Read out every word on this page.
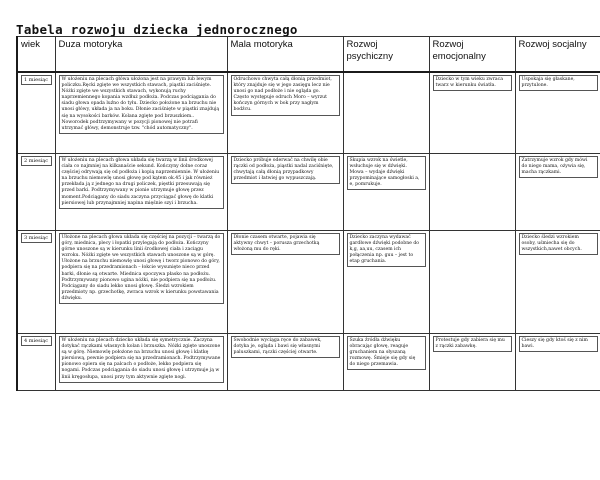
Tabela rozwoju dziecka jednorocznego
wiek	Duza motoryka	Mala motoryka	Rozwoj psychiczny	Rozwoj emocjonalny	Rozwoj socjalny

1 miesiąc	W ułożeniu na plecach główa ułożona jest na prawym lub lewym policzku.Ręcki zgięte we wszystkich stawach, piąstki zaciśnięte. Nóżki zgięte we wszystkich stawach, wykonują ruchy naprzemiennego kopania wzdłuż podłoża. Podczas podciągania do siadu głowa opada luźno do tyłu. Dziecko położone na brzuchu nie unosi główy, układa ja na boku. Dłonie zaciśnięte w piąstki znajdują się na wysokości barków. Kolana zgięte pod brzuszkiem.. Noworodek podtrzymywany w pozycji pionowej nie potrafi utrzymać główy, demonstruje tzw. "chód automatyczny".	Odruchowo chwyta całą dłonią przedmiot, który znajduje się w jego zasięgu lecz nie unosi go nad podłoże i nie ogląda go. Często występuje odruch Moro – wyrzut kończyn górnych w bok przy nagłym bodźcu.		Dziecko w tym wieku zwraca twarz w kierunku światła.	Uspokaja się głaskane, przytulone.

2 miesiąc	W ułożeniu na plecach głowa układa się twarzą w linii środkowej ciała co najmniej na kilkanaście sekund. Kończyny dolne coraz częściej odrywają się od podłoża i kopią naprzemiennie. W ułożeniu na brzuchu niemowlę unosi głowę pod kątem ok.45 i jak również przekłada ją z jednego na drugi policzek, pięstki przesuwają się przed barki. Podtrzymywany w pionie utrzymuje głowę przez moment.Podciągany do siadu zaczyna przyciągać głowę do klatki piersiowej lub przynajmniej napina mięśnie szyi i brzucha.	Dziecko próbuje oderwać na chwilę obie rączki od podłoża, piąstki nadal zaciśnięte, chwytają całą dłonią przypadkowy przedmiot i łatwiej go wypuszczają.	Skupia wzrok na świetle, wsłuchuje się w dźwięki. Mowa – wydaje dźwięki przypominające samogłoski a, e, pomrukuje.		Zatrzymuje wzrok gdy mówi do niego mama, ożywia się, macha rączkami.

3 miesiąc	Ułożone na plecach głowa układa się częściej na pozycji – twarzą do góry, miednica, plecy i łopatki przylegają do podłoża. Kończyny górne unoszone są w kierunku linii środkowej ciała i zaciągu wzroku. Nóżki zgięte we wszystkich stawach unoszone są w górę. Ułożone na brzuchu niemowlę unosi głowę i tworz pionowo do góry, podpiera się na przedramionach – łokcie wysunięte nieco przed barki, dłonie są otwarte. Miednica spoczywa płasko na podłożu. Podtrzymywany pionowo ugina nóżki, nie podpiera się na podłożu. Podciągany do siadu lekko unosi głowę. Śledzi wzrokiem przedmioty np. grzechotkę, zwraca wzrok w kierunku powstawania dźwięku.	Dłonie czasem otwarte, pojawia się aktywny chwyt – porusza grzechotką włożoną mu do ręki.	Dziecko zaczyna wydawać gardłowe dźwięki podobne do k,g, aa,uu, czasem ich połączenia np. guu – jest to etap gruchania.		Dziecko śledzi wzrokiem osoby, uśmiecha się do wszystkich,nawet obcych.

4 miesiąc	W ułożeniu na plecach dziecko układa się symetrycznie. Zaczyna dotykać rączkami własnych kolan i brzuszka. Nóżki zgięte unoszone są w górę. Niemowlę położone na brzuchu unosi głowę i klatkę piersiową, pewnie podpiera się na przedramionach. Podtrzymywane pionowo opiera się na palcach o podłoże, lekko podpiera się nogami. Podczas podciągania do siadu unosi głowę i utrzymuje ją w linii kręgosłupa, unosi przy tym aktywnie zgięte nogi.	Swobodnie wyciąga ręce do zabawek, dotyka je, ogląda i bawi się własnymi paluszkami, rączki częściej otwarte.	Szuka źródła dźwięku obracając głowę, reaguje gruchaniem na słyszaną rozmowę. Śmieje się gdy się do niego przemawia.	Protestuje gdy zabiera się mu z rączki zabawkę.	Cieszy się gdy ktoś się z nim bawi.
